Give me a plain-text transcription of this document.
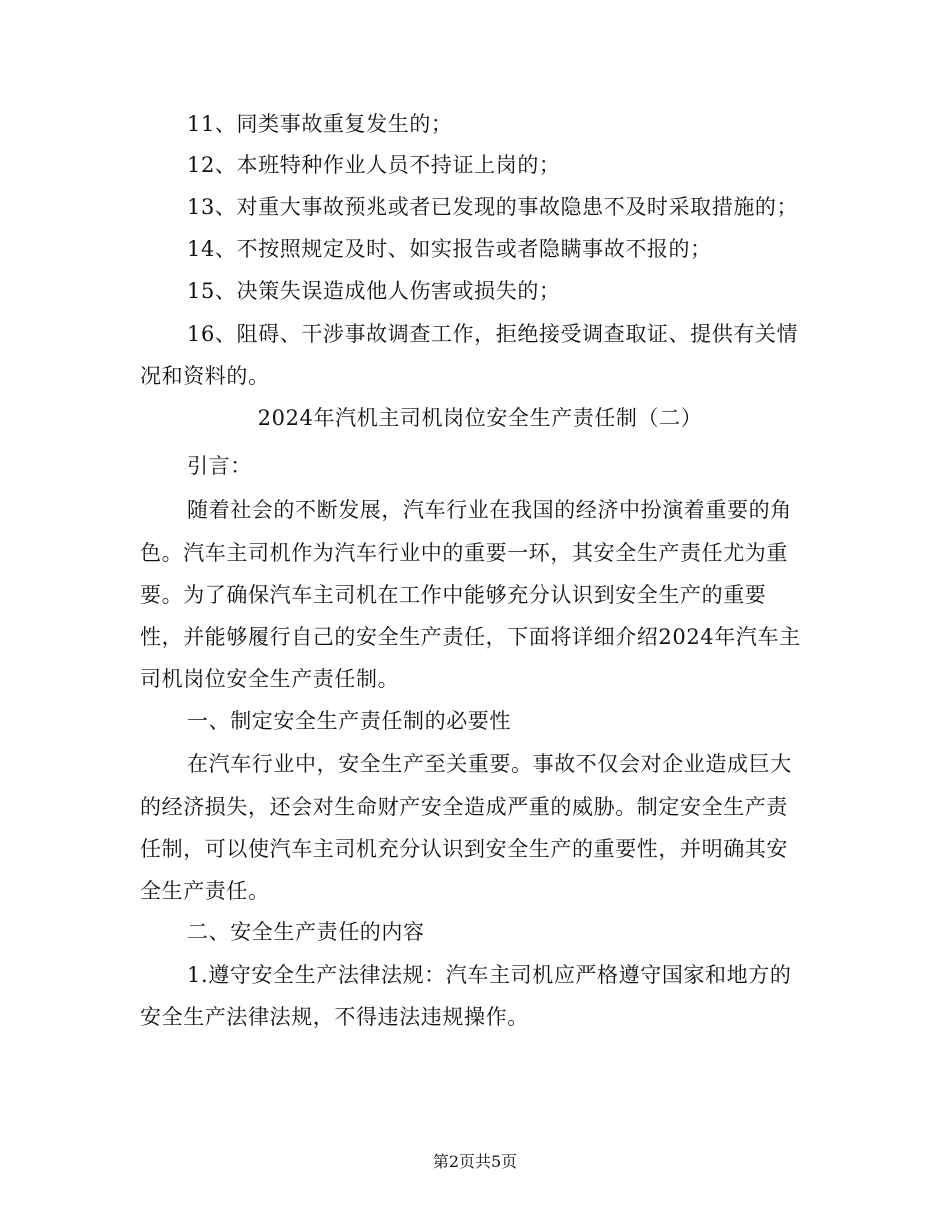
11、同类事故重复发生的；
12、本班特种作业人员不持证上岗的；
13、对重大事故预兆或者已发现的事故隐患不及时采取措施的；
14、不按照规定及时、如实报告或者隐瞒事故不报的；
15、决策失误造成他人伤害或损失的；
16、阻碍、干涉事故调查工作，拒绝接受调查取证、提供有关情
况和资料的。
2024年汽机主司机岗位安全生产责任制（二）
引言：
随着社会的不断发展，汽车行业在我国的经济中扮演着重要的角
色。汽车主司机作为汽车行业中的重要一环，其安全生产责任尤为重
要。为了确保汽车主司机在工作中能够充分认识到安全生产的重要
性，并能够履行自己的安全生产责任，下面将详细介绍2024年汽车主
司机岗位安全生产责任制。
一、制定安全生产责任制的必要性
在汽车行业中，安全生产至关重要。事故不仅会对企业造成巨大
的经济损失，还会对生命财产安全造成严重的威胁。制定安全生产责
任制，可以使汽车主司机充分认识到安全生产的重要性，并明确其安
全生产责任。
二、安全生产责任的内容
1.遵守安全生产法律法规：汽车主司机应严格遵守国家和地方的
安全生产法律法规，不得违法违规操作。
第2页共5页
